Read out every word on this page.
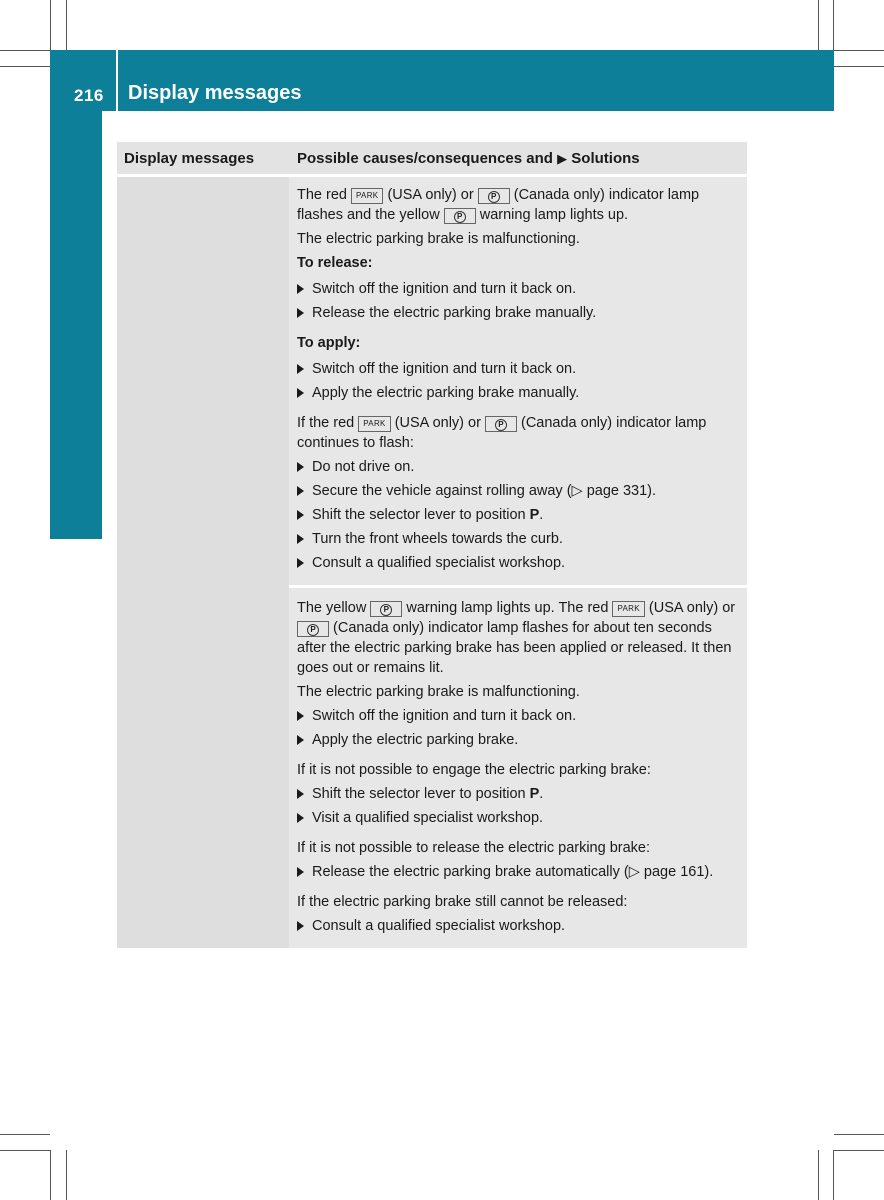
216 Display messages
Display messages	Possible causes/consequences and ▶ Solutions

The red PARK (USA only) or P (Canada only) indicator lamp flashes and the yellow P warning lamp lights up.

The electric parking brake is malfunctioning.

To release:

Switch off the ignition and turn it back on.
Release the electric parking brake manually.

To apply:

Switch off the ignition and turn it back on.
Apply the electric parking brake manually.

If the red PARK (USA only) or P (Canada only) indicator lamp continues to flash:

Do not drive on.
Secure the vehicle against rolling away (▷ page 331).
Shift the selector lever to position P.
Turn the front wheels towards the curb.
Consult a qualified specialist workshop.

The yellow P warning lamp lights up. The red PARK (USA only) or P (Canada only) indicator lamp flashes for about ten seconds after the electric parking brake has been applied or released. It then goes out or remains lit.

The electric parking brake is malfunctioning.

Switch off the ignition and turn it back on.
Apply the electric parking brake.

If it is not possible to engage the electric parking brake:

Shift the selector lever to position P.
Visit a qualified specialist workshop.

If it is not possible to release the electric parking brake:

Release the electric parking brake automatically (▷ page 161).

If the electric parking brake still cannot be released:

Consult a qualified specialist workshop.
